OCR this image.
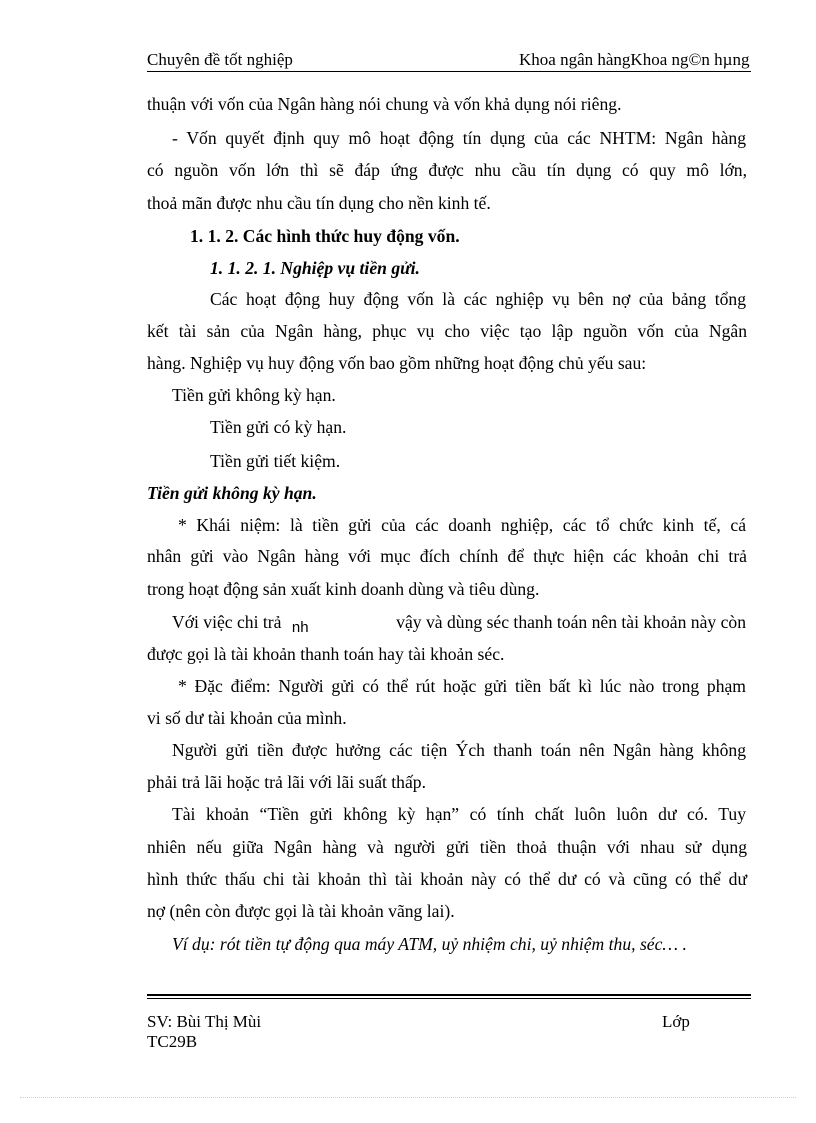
Chuyên đề tốt nghiệp	Khoa ngân hàngKhoa ng©n hµng
thuận với vốn của Ngân hàng nói chung và vốn khả dụng nói riêng.
- Vốn quyết định quy mô hoạt động tín dụng của các NHTM: Ngân hàng
có nguồn vốn lớn thì sẽ đáp ứng được nhu cầu tín dụng có quy mô lớn,
thoả mãn được nhu cầu tín dụng cho nền kinh tế.
1. 1. 2. Các hình thức huy động vốn.
1. 1. 2. 1. Nghiệp vụ tiền gửi.
Các hoạt động huy động vốn là các nghiệp vụ bên nợ của bảng tổng
kết tài sản của Ngân hàng, phục vụ cho việc tạo lập nguồn vốn của Ngân
hàng. Nghiệp vụ huy động vốn bao gồm những hoạt động chủ yếu sau:
Tiền gửi không kỳ hạn.
Tiền gửi có kỳ hạn.
Tiền gửi tiết kiệm.
Tiền gửi không kỳ hạn.
* Khái niệm: là tiền gửi của các doanh nghiệp, các tổ chức kinh tế, cá
nhân gửi vào Ngân hàng với mục đích chính để thực hiện các khoản chi trả
trong hoạt động sản xuất kinh doanh dùng và tiêu dùng.
Với việc chi trả nh	vậy và dùng séc thanh toán nên tài khoản này còn
được gọi là tài khoản thanh toán hay tài khoản séc.
* Đặc điểm: Người gửi có thể rút hoặc gửi tiền bất kì lúc nào trong phạm
vi số dư tài khoản của mình.
Người gửi tiền được hưởng các tiện Ých thanh toán nên Ngân hàng không
phải trả lãi hoặc trả lãi với lãi suất thấp.
Tài khoản “Tiền gửi không kỳ hạn” có tính chất luôn luôn dư có. Tuy
nhiên nếu giữa Ngân hàng và người gửi tiền thoả thuận với nhau sử dụng
hình thức thấu chi tài khoản thì tài khoản này có thể dư có và cũng có thể dư
nợ (nên còn được gọi là tài khoản vãng lai).
Ví dụ: rót tiền tự động qua máy ATM, uỷ nhiệm chi, uỷ nhiệm thu, séc… .
SV: Bùi Thị Mùi	Lớp
TC29B
